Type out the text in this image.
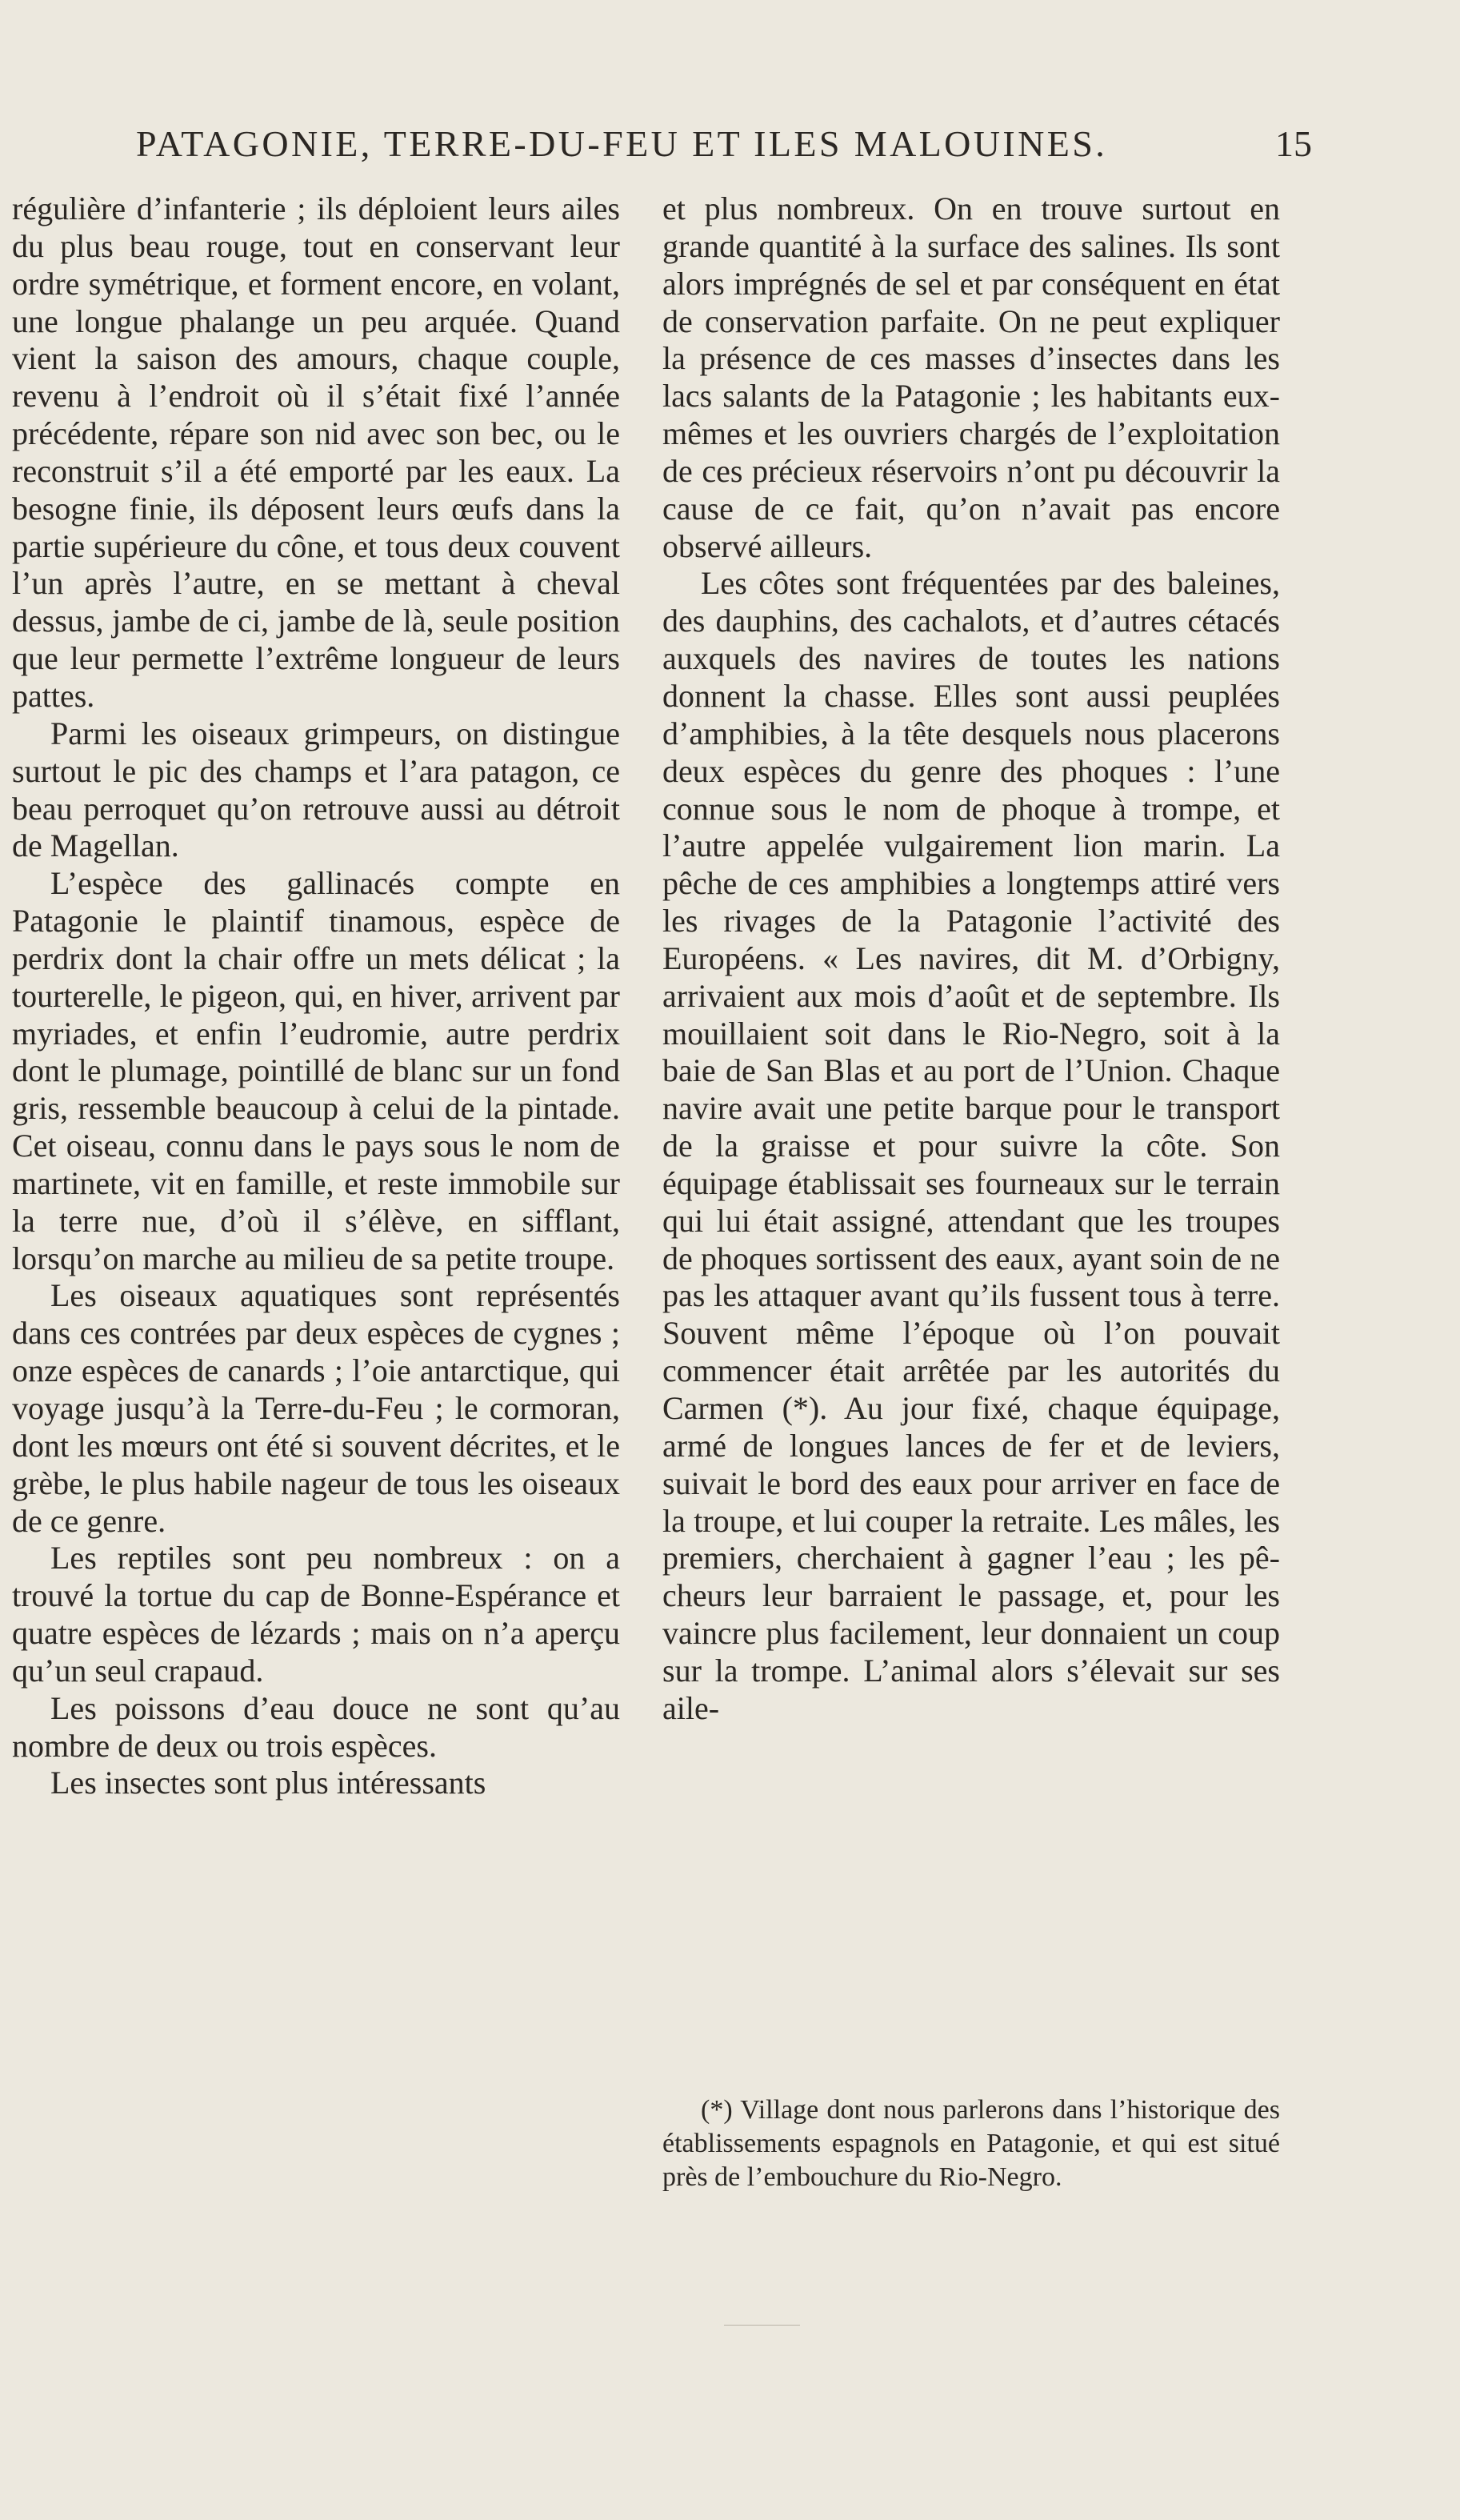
PATAGONIE, TERRE-DU-FEU ET ILES MALOUINES.	15

régulière d’infanterie ; ils déploient leurs ailes du plus beau rouge, tout en conservant leur ordre symétrique, et forment encore, en volant, une longue phalange un peu arquée. Quand vient la saison des amours, chaque couple, revenu à l’endroit où il s’était fixé l’année précédente, répare son nid avec son bec, ou le reconstruit s’il a été emporté par les eaux. La besogne finie, ils déposent leurs œufs dans la partie supérieure du cône, et tous deux couvent l’un après l’autre, en se mettant à cheval dessus, jambe de ci, jambe de là, seule position que leur permette l’extrême longueur de leurs pattes.

Parmi les oiseaux grimpeurs, on distingue surtout le pic des champs et l’ara patagon, ce beau perroquet qu’on retrouve aussi au détroit de Magellan.

L’espèce des gallinacés compte en Patagonie le plaintif tinamous, espèce de perdrix dont la chair offre un mets délicat ; la tourterelle, le pigeon, qui, en hiver, arrivent par myriades, et enfin l’eudromie, autre perdrix dont le plumage, pointillé de blanc sur un fond gris, ressemble beaucoup à celui de la pintade. Cet oiseau, connu dans le pays sous le nom de martinete, vit en famille, et reste immobile sur la terre nue, d’où il s’élève, en sifflant, lorsqu’on marche au milieu de sa petite troupe.

Les oiseaux aquatiques sont représentés dans ces contrées par deux espèces de cygnes ; onze espèces de canards ; l’oie antarctique, qui voyage jusqu’à la Terre-du-Feu ; le cormoran, dont les mœurs ont été si souvent décrites, et le grèbe, le plus habile nageur de tous les oiseaux de ce genre.

Les reptiles sont peu nombreux : on a trouvé la tortue du cap de Bonne-Espérance et quatre espèces de lézards ; mais on n’a aperçu qu’un seul crapaud.

Les poissons d’eau douce ne sont qu’au nombre de deux ou trois espèces.

Les insectes sont plus intéressants

et plus nombreux. On en trouve surtout en grande quantité à la surface des salines. Ils sont alors imprégnés de sel et par conséquent en état de conservation parfaite. On ne peut expliquer la présence de ces masses d’insectes dans les lacs salants de la Patagonie ; les habitants eux-mêmes et les ouvriers chargés de l’exploitation de ces précieux réservoirs n’ont pu découvrir la cause de ce fait, qu’on n’avait pas encore observé ailleurs.

Les côtes sont fréquentées par des baleines, des dauphins, des cachalots, et d’autres cétacés auxquels des navires de toutes les nations donnent la chasse. Elles sont aussi peuplées d’amphibies, à la tête desquels nous placerons deux espèces du genre des phoques : l’une connue sous le nom de phoque à trompe, et l’autre appelée vulgairement lion marin. La pêche de ces amphibies a longtemps attiré vers les rivages de la Patagonie l’activité des Européens. « Les navires, dit M. d’Orbigny, arrivaient aux mois d’août et de septembre. Ils mouillaient soit dans le Rio-Negro, soit à la baie de San Blas et au port de l’Union. Chaque navire avait une petite barque pour le transport de la graisse et pour suivre la côte. Son équipage établissait ses fourneaux sur le terrain qui lui était assigné, attendant que les troupes de phoques sortissent des eaux, ayant soin de ne pas les attaquer avant qu’ils fussent tous à terre. Souvent même l’époque où l’on pouvait commencer était arrêtée par les autorités du Carmen (*). Au jour fixé, chaque équipage, armé de longues lances de fer et de leviers, suivait le bord des eaux pour arriver en face de la troupe, et lui couper la retraite. Les mâles, les premiers, cherchaient à gagner l’eau ; les pêcheurs leur barraient le passage, et, pour les vaincre plus facilement, leur donnaient un coup sur la trompe. L’animal alors s’élevait sur ses aile-

(*) Village dont nous parlerons dans l’historique des établissements espagnols en Patagonie, et qui est situé près de l’embouchure du Rio-Negro.
